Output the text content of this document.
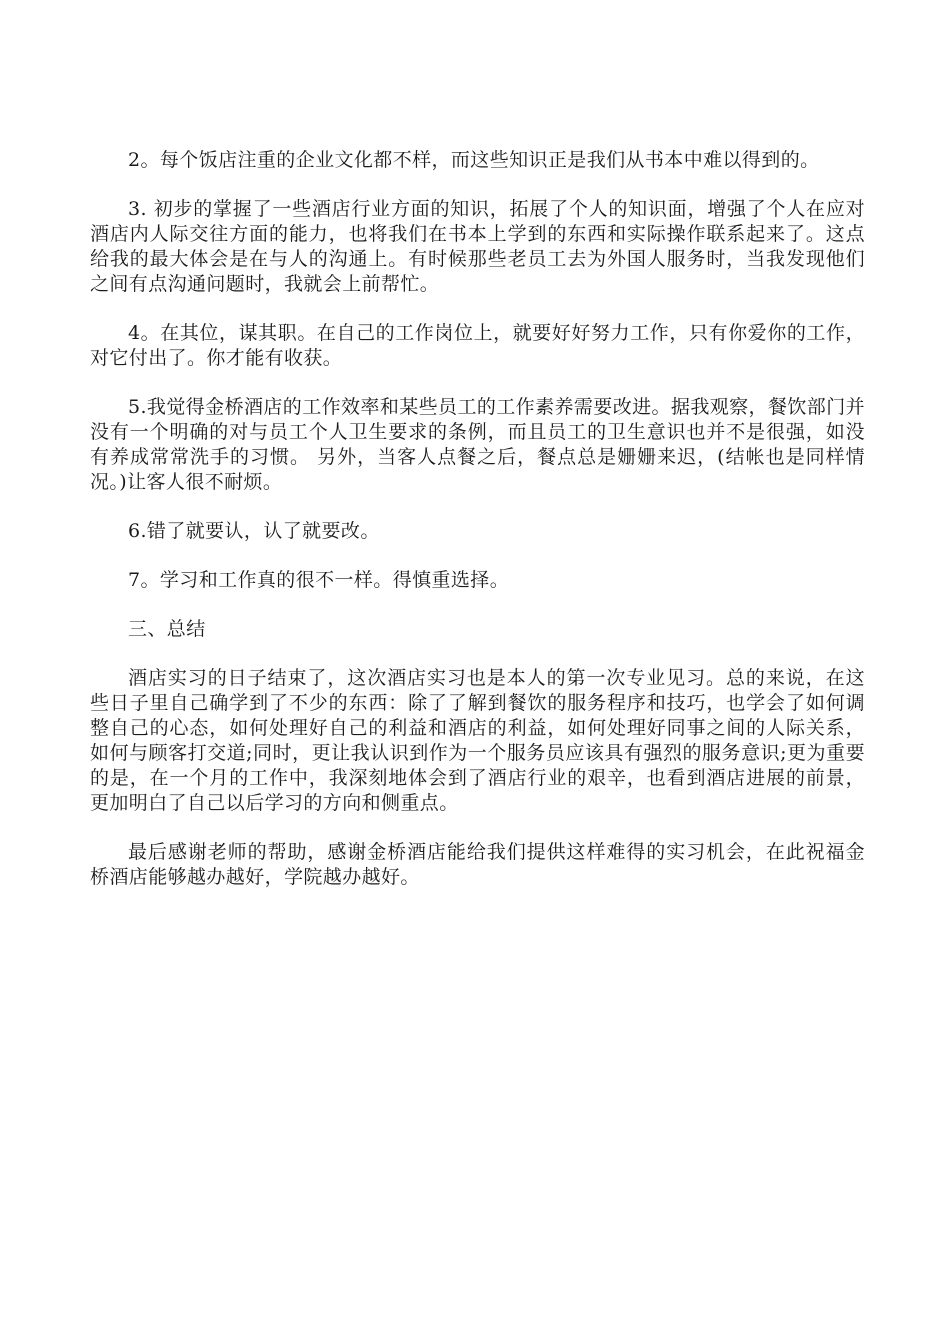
2。每个饭店注重的企业文化都不样，而这些知识正是我们从书本中难以得到的。

3. 初步的掌握了一些酒店行业方面的知识，拓展了个人的知识面，增强了个人在应对酒店内人际交往方面的能力，也将我们在书本上学到的东西和实际操作联系起来了。这点给我的最大体会是在与人的沟通上。有时候那些老员工去为外国人服务时，当我发现他们之间有点沟通问题时，我就会上前帮忙。

4。在其位，谋其职。在自己的工作岗位上，就要好好努力工作，只有你爱你的工作，对它付出了。你才能有收获。

5.我觉得金桥酒店的工作效率和某些员工的工作素养需要改进。据我观察，餐饮部门并没有一个明确的对与员工个人卫生要求的条例，而且员工的卫生意识也并不是很强，如没有养成常常洗手的习惯。 另外，当客人点餐之后，餐点总是姗姗来迟，(结帐也是同样情况。)让客人很不耐烦。

6.错了就要认，认了就要改。

7。学习和工作真的很不一样。得慎重选择。

三、总结

酒店实习的日子结束了，这次酒店实习也是本人的第一次专业见习。总的来说，在这些日子里自己确学到了不少的东西：除了了解到餐饮的服务程序和技巧，也学会了如何调整自己的心态，如何处理好自己的利益和酒店的利益，如何处理好同事之间的人际关系，如何与顾客打交道;同时，更让我认识到作为一个服务员应该具有强烈的服务意识;更为重要的是，在一个月的工作中，我深刻地体会到了酒店行业的艰辛，也看到酒店进展的前景，更加明白了自己以后学习的方向和侧重点。

最后感谢老师的帮助，感谢金桥酒店能给我们提供这样难得的实习机会，在此祝福金桥酒店能够越办越好，学院越办越好。
